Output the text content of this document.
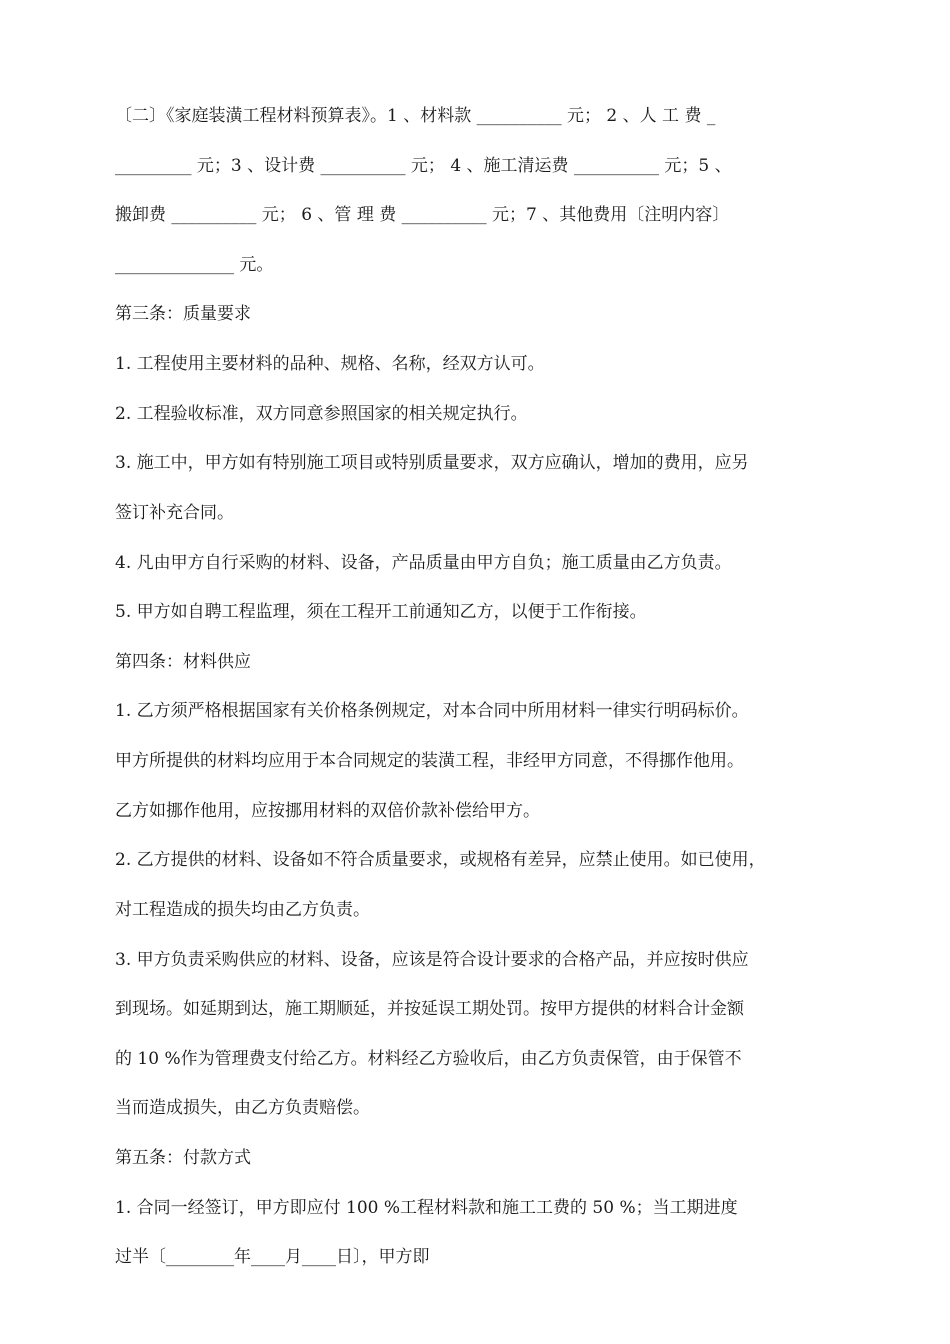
〔二〕《家庭装潢工程材料预算表》。1 、材料款 __________ 元； 2 、人 工 费 _
_________ 元；3 、设计费 __________ 元； 4 、施工清运费 __________ 元；5 、
搬卸费 __________ 元； 6 、管 理 费 __________ 元；7 、其他费用〔注明内容〕
______________ 元。
第三条：质量要求
1. 工程使用主要材料的品种、规格、名称，经双方认可。
2. 工程验收标准，双方同意参照国家的相关规定执行。
3. 施工中，甲方如有特别施工项目或特别质量要求，双方应确认，增加的费用，应另
签订补充合同。
4. 凡由甲方自行采购的材料、设备，产品质量由甲方自负；施工质量由乙方负责。
5. 甲方如自聘工程监理，须在工程开工前通知乙方，以便于工作衔接。
第四条：材料供应
1. 乙方须严格根据国家有关价格条例规定，对本合同中所用材料一律实行明码标价。
甲方所提供的材料均应用于本合同规定的装潢工程，非经甲方同意，不得挪作他用。
乙方如挪作他用，应按挪用材料的双倍价款补偿给甲方。
2. 乙方提供的材料、设备如不符合质量要求，或规格有差异，应禁止使用。如已使用，
对工程造成的损失均由乙方负责。
3. 甲方负责采购供应的材料、设备，应该是符合设计要求的合格产品，并应按时供应
到现场。如延期到达，施工期顺延，并按延误工期处罚。按甲方提供的材料合计金额
的 10 %作为管理费支付给乙方。材料经乙方验收后，由乙方负责保管，由于保管不
当而造成损失，由乙方负责赔偿。
第五条：付款方式
1. 合同一经签订，甲方即应付 100 %工程材料款和施工工费的 50 %；当工期进度
过半〔________年____月____日〕，甲方即
